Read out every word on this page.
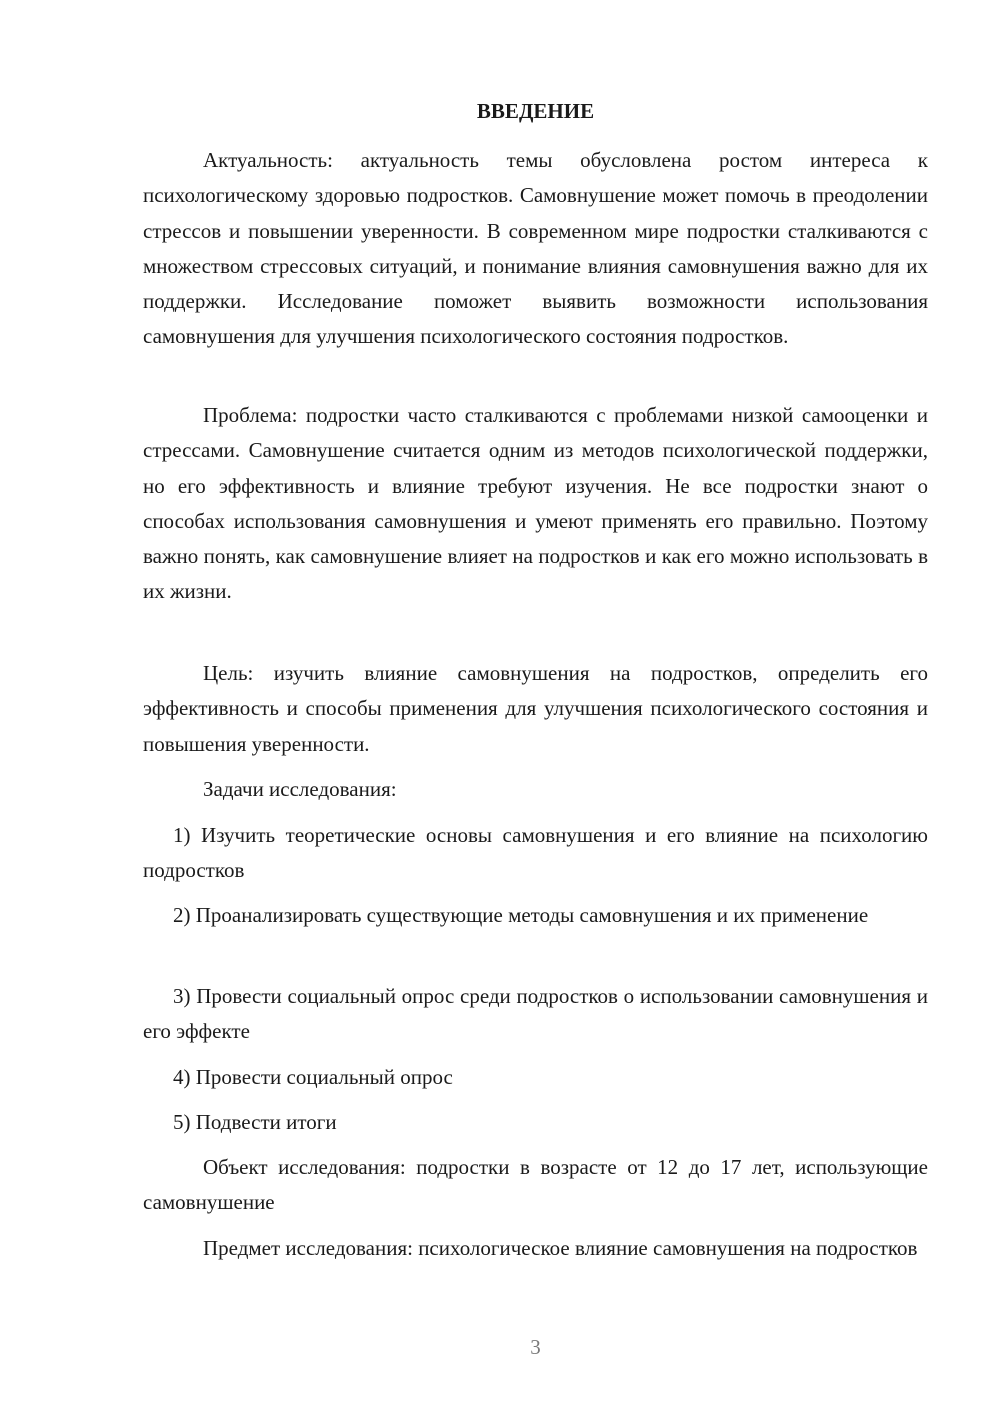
ВВЕДЕНИЕ

Актуальность: актуальность темы обусловлена ростом интереса к психологическому здоровью подростков. Самовнушение может помочь в преодолении стрессов и повышении уверенности. В современном мире подростки сталкиваются с множеством стрессовых ситуаций, и понимание влияния самовнушения важно для их поддержки. Исследование поможет выявить возможности использования самовнушения для улучшения психологического состояния подростков.

Проблема: подростки часто сталкиваются с проблемами низкой самооценки и стрессами. Самовнушение считается одним из методов психологической поддержки, но его эффективность и влияние требуют изучения. Не все подростки знают о способах использования самовнушения и умеют применять его правильно. Поэтому важно понять, как самовнушение влияет на подростков и как его можно использовать в их жизни.

Цель: изучить влияние самовнушения на подростков, определить его эффективность и способы применения для улучшения психологического состояния и повышения уверенности.

Задачи исследования:

1) Изучить теоретические основы самовнушения и его влияние на психологию подростков

2) Проанализировать существующие методы самовнушения и их применение

3) Провести социальный опрос среди подростков о использовании самовнушения и его эффекте

4) Провести социальный опрос

5) Подвести итоги

Объект исследования: подростки в возрасте от 12 до 17 лет, использующие самовнушение

Предмет исследования: психологическое влияние самовнушения на подростков

3
